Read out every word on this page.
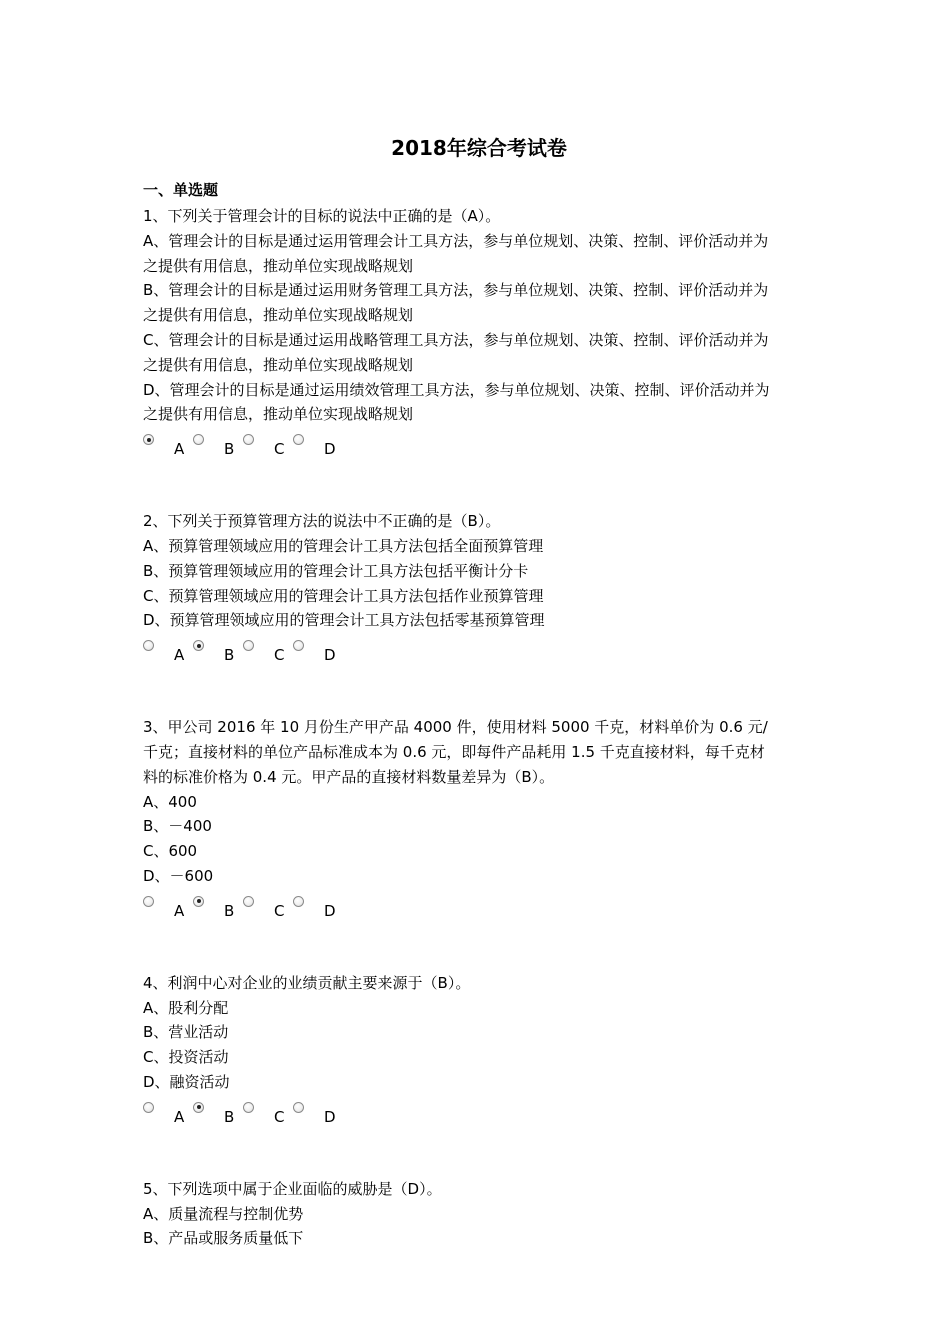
2018年综合考试卷
一、单选题
1、下列关于管理会计的目标的说法中正确的是（A）。
A、管理会计的目标是通过运用管理会计工具方法，参与单位规划、决策、控制、评价活动并为
之提供有用信息，推动单位实现战略规划
B、管理会计的目标是通过运用财务管理工具方法，参与单位规划、决策、控制、评价活动并为
之提供有用信息，推动单位实现战略规划
C、管理会计的目标是通过运用战略管理工具方法，参与单位规划、决策、控制、评价活动并为
之提供有用信息，推动单位实现战略规划
D、管理会计的目标是通过运用绩效管理工具方法，参与单位规划、决策、控制、评价活动并为
之提供有用信息，推动单位实现战略规划
A	B	C	D
2、下列关于预算管理方法的说法中不正确的是（B）。
A、预算管理领域应用的管理会计工具方法包括全面预算管理
B、预算管理领域应用的管理会计工具方法包括平衡计分卡
C、预算管理领域应用的管理会计工具方法包括作业预算管理
D、预算管理领域应用的管理会计工具方法包括零基预算管理
A	B	C	D
3、甲公司 2016 年 10 月份生产甲产品 4000 件，使用材料 5000 千克，材料单价为 0.6 元/
千克；直接材料的单位产品标准成本为 0.6 元，即每件产品耗用 1.5 千克直接材料，每千克材
料的标准价格为 0.4 元。甲产品的直接材料数量差异为（B）。
A、400
B、－400
C、600
D、－600
A	B	C	D
4、利润中心对企业的业绩贡献主要来源于（B）。
A、股利分配
B、营业活动
C、投资活动
D、融资活动
A	B	C	D
5、下列选项中属于企业面临的威胁是（D）。
A、质量流程与控制优势
B、产品或服务质量低下
